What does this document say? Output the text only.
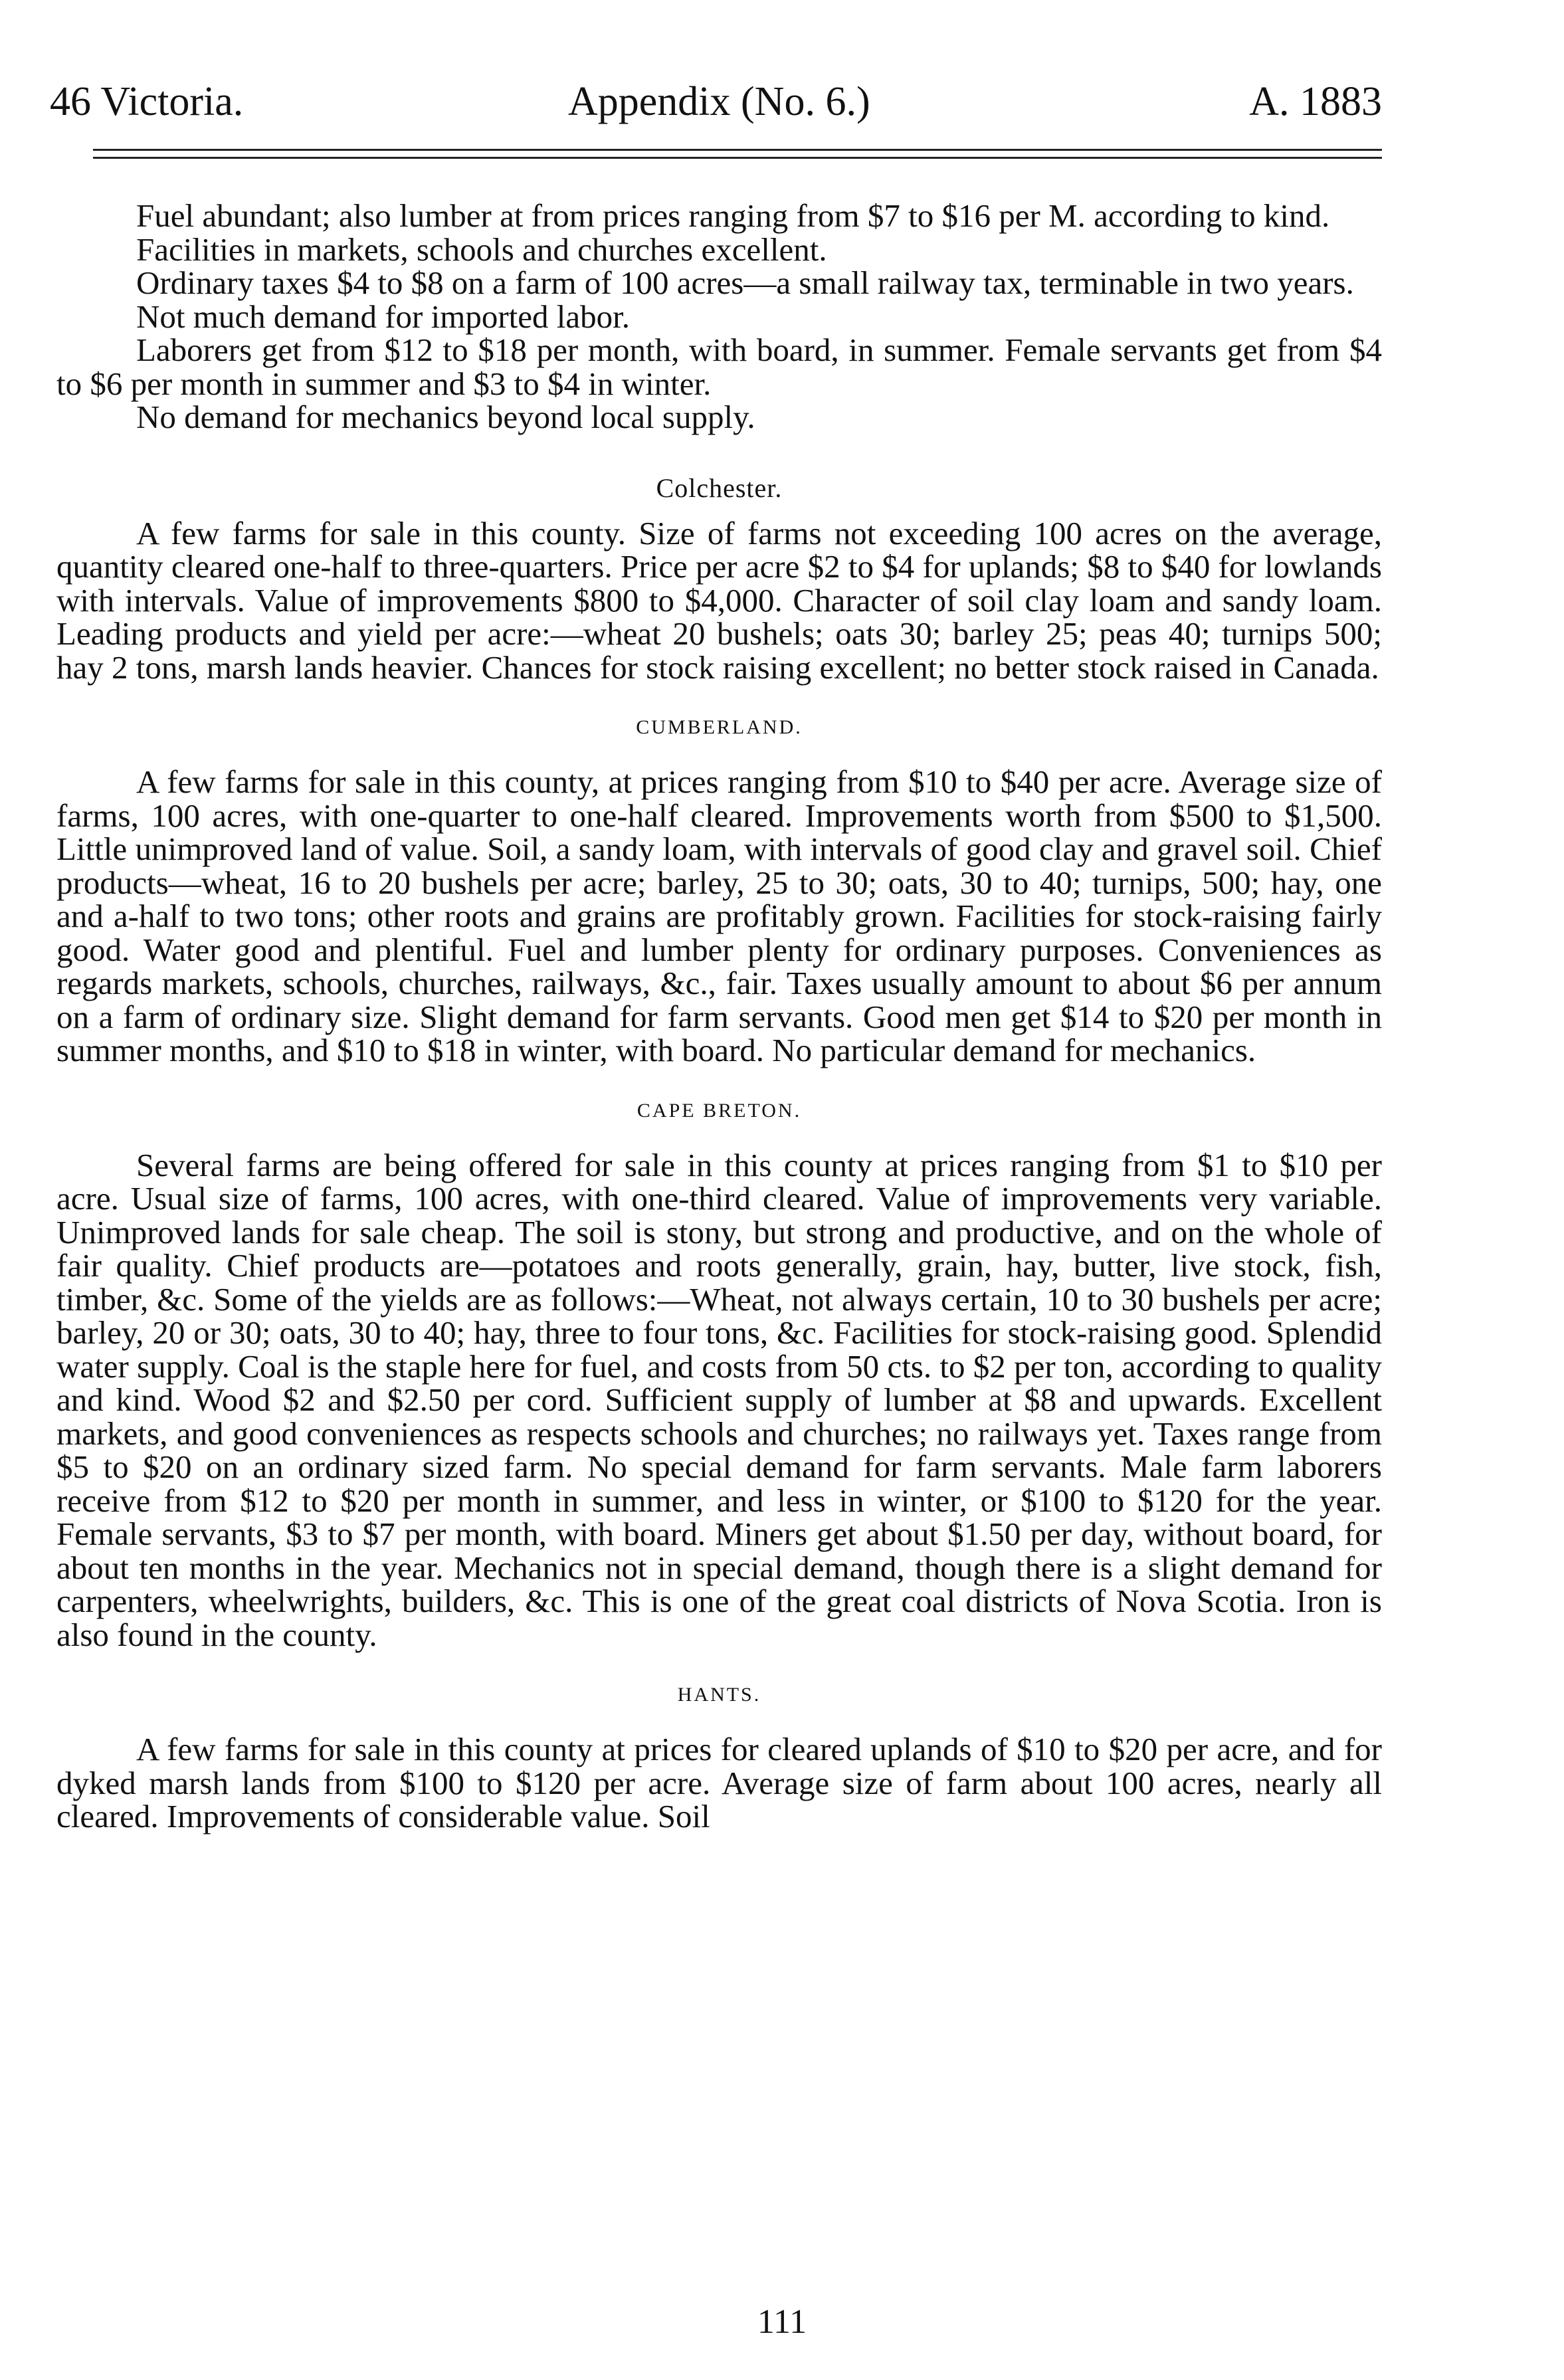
46 Victoria.	Appendix (No. 6.)	A. 1883

Fuel abundant; also lumber at from prices ranging from $7 to $16 per M. according to kind.

Facilities in markets, schools and churches excellent.

Ordinary taxes $4 to $8 on a farm of 100 acres—a small railway tax, terminable in two years.

Not much demand for imported labor.

Laborers get from $12 to $18 per month, with board, in summer. Female servants get from $4 to $6 per month in summer and $3 to $4 in winter.

No demand for mechanics beyond local supply.

Colchester.

A few farms for sale in this county. Size of farms not exceeding 100 acres on the average, quantity cleared one-half to three-quarters. Price per acre $2 to $4 for uplands; $8 to $40 for lowlands with intervals. Value of improvements $800 to $4,000. Character of soil clay loam and sandy loam. Leading products and yield per acre:—wheat 20 bushels; oats 30; barley 25; peas 40; turnips 500; hay 2 tons, marsh lands heavier. Chances for stock raising excellent; no better stock raised in Canada.

CUMBERLAND.

A few farms for sale in this county, at prices ranging from $10 to $40 per acre. Average size of farms, 100 acres, with one-quarter to one-half cleared. Improvements worth from $500 to $1,500. Little unimproved land of value. Soil, a sandy loam, with intervals of good clay and gravel soil. Chief products—wheat, 16 to 20 bushels per acre; barley, 25 to 30; oats, 30 to 40; turnips, 500; hay, one and a-half to two tons; other roots and grains are profitably grown. Facilities for stock-raising fairly good. Water good and plentiful. Fuel and lumber plenty for ordinary purposes. Conveniences as regards markets, schools, churches, railways, &c., fair. Taxes usually amount to about $6 per annum on a farm of ordinary size. Slight demand for farm servants. Good men get $14 to $20 per month in summer months, and $10 to $18 in winter, with board. No particular demand for mechanics.

CAPE BRETON.

Several farms are being offered for sale in this county at prices ranging from $1 to $10 per acre. Usual size of farms, 100 acres, with one-third cleared. Value of improvements very variable. Unimproved lands for sale cheap. The soil is stony, but strong and productive, and on the whole of fair quality. Chief products are—potatoes and roots generally, grain, hay, butter, live stock, fish, timber, &c. Some of the yields are as follows:—Wheat, not always certain, 10 to 30 bushels per acre; barley, 20 or 30; oats, 30 to 40; hay, three to four tons, &c. Facilities for stock-raising good. Splendid water supply. Coal is the staple here for fuel, and costs from 50 cts. to $2 per ton, according to quality and kind. Wood $2 and $2.50 per cord. Sufficient supply of lumber at $8 and upwards. Excellent markets, and good conveniences as respects schools and churches; no railways yet. Taxes range from $5 to $20 on an ordinary sized farm. No special demand for farm servants. Male farm laborers receive from $12 to $20 per month in summer, and less in winter, or $100 to $120 for the year. Female servants, $3 to $7 per month, with board. Miners get about $1.50 per day, without board, for about ten months in the year. Mechanics not in special demand, though there is a slight demand for carpenters, wheelwrights, builders, &c. This is one of the great coal districts of Nova Scotia. Iron is also found in the county.

HANTS.

A few farms for sale in this county at prices for cleared uplands of $10 to $20 per acre, and for dyked marsh lands from $100 to $120 per acre. Average size of farm about 100 acres, nearly all cleared. Improvements of considerable value. Soil

111
